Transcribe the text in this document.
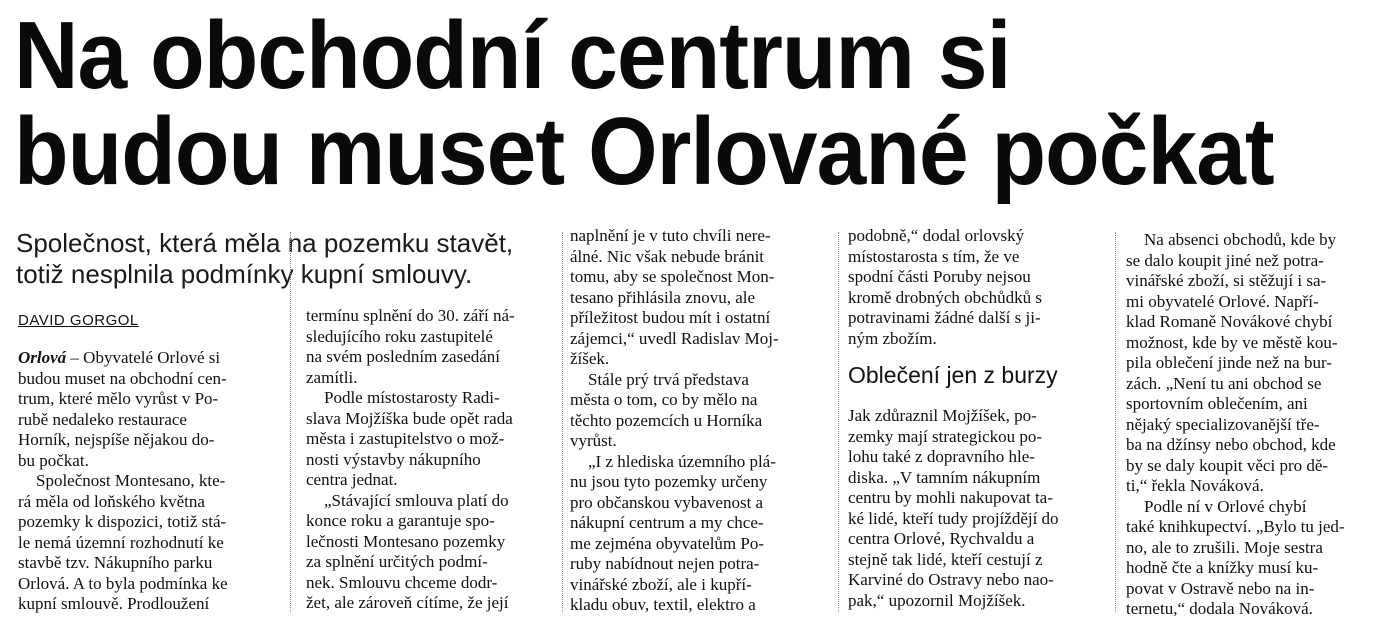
Na obchodní centrum si
budou muset Orlované počkat
Společnost, která měla na pozemku stavět,
totiž nesplnila podmínky kupní smlouvy.
DAVID GORGOL
Orlová – Obyvatelé Orlové si
budou muset na obchodní cen-
trum, které mělo vyrůst v Po-
rubě nedaleko restaurace
Horník, nejspíše nějakou do-
bu počkat.
Společnost Montesano, kte-
rá měla od loňského května
pozemky k dispozici, totiž stá-
le nemá územní rozhodnutí ke
stavbě tzv. Nákupního parku
Orlová. A to byla podmínka ke
kupní smlouvě. Prodloužení
termínu splnění do 30. září ná-
sledujícího roku zastupitelé
na svém posledním zasedání
zamítli.
Podle místostarosty Radi-
slava Mojžíška bude opět rada
města i zastupitelstvo o mož-
nosti výstavby nákupního
centra jednat.
„Stávající smlouva platí do
konce roku a garantuje spo-
lečnosti Montesano pozemky
za splnění určitých podmí-
nek. Smlouvu chceme dodr-
žet, ale zároveň cítíme, že její
naplnění je v tuto chvíli nere-
álné. Nic však nebude bránit
tomu, aby se společnost Mon-
tesano přihlásila znovu, ale
příležitost budou mít i ostatní
zájemci,“ uvedl Radislav Moj-
žíšek.
Stále prý trvá představa
města o tom, co by mělo na
těchto pozemcích u Horníka
vyrůst.
„I z hlediska územního plá-
nu jsou tyto pozemky určeny
pro občanskou vybavenost a
nákupní centrum a my chce-
me zejména obyvatelům Po-
ruby nabídnout nejen potra-
vinářské zboží, ale i kupří-
kladu obuv, textil, elektro a
podobně,“ dodal orlovský
místostarosta s tím, že ve
spodní části Poruby nejsou
kromě drobných obchůdků s
potravinami žádné další s ji-
ným zbožím.
Oblečení jen z burzy
Jak zdůraznil Mojžíšek, po-
zemky mají strategickou po-
lohu také z dopravního hle-
diska. „V tamním nákupním
centru by mohli nakupovat ta-
ké lidé, kteří tudy projíždějí do
centra Orlové, Rychvaldu a
stejně tak lidé, kteří cestují z
Karviné do Ostravy nebo nao-
pak,“ upozornil Mojžíšek.
Na absenci obchodů, kde by
se dalo koupit jiné než potra-
vinářské zboží, si stěžují i sa-
mi obyvatelé Orlové. Napří-
klad Romaně Novákové chybí
možnost, kde by ve městě kou-
pila oblečení jinde než na bur-
zách. „Není tu ani obchod se
sportovním oblečením, ani
nějaký specializovanější tře-
ba na džínsy nebo obchod, kde
by se daly koupit věci pro dě-
ti,“ řekla Nováková.
Podle ní v Orlové chybí
také knihkupectví. „Bylo tu jed-
no, ale to zrušili. Moje sestra
hodně čte a knížky musí ku-
povat v Ostravě nebo na in-
ternetu,“ dodala Nováková.
